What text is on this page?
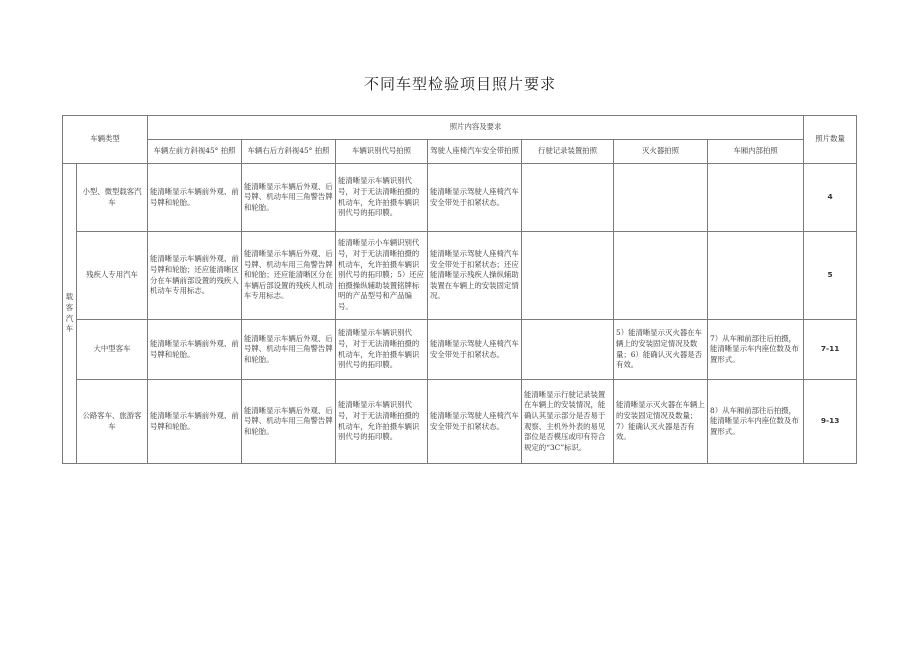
不同车型检验项目照片要求
车辆类型		照片内容及要求							照片数量
		车辆左前方斜视45° 拍照	车辆右后方斜视45° 拍照	车辆识别代号拍照	驾驶人座椅汽车安全带拍照	行驶记录装置拍照	灭火器拍照	车厢内部拍照	

载客汽车	小型、微型载客汽车	能清晰显示车辆前外观、前号牌和轮胎。	能清晰显示车辆后外观、后号牌、机动车用三角警告牌和轮胎。	能清晰显示车辆识别代号，对于无法清晰拍摄的机动车，允许拍摄车辆识别代号的拓印膜。	能清晰显示驾驶人座椅汽车安全带处于扣紧状态。				4
	残疾人专用汽车	能清晰显示车辆前外观、前号牌和轮胎；还应能清晰区分在车辆前部设置的残疾人机动车专用标志。	能清晰显示车辆后外观、后号牌、机动车用三角警告牌和轮胎；还应能清晰区分在车辆后部设置的残疾人机动车专用标志。	能清晰显示小车辆识别代号，对于无法清晰拍摄的机动车，允许拍摄车辆识别代号的拓印膜；5）还应拍摄操纵辅助装置铭牌标明的产品型号和产品编号。	能清晰显示驾驶人座椅汽车安全带处于扣紧状态；还应能清晰显示残疾人操纵辅助装置在车辆上的安装固定情况。				5
	大中型客车	能清晰显示车辆前外观、前号牌和轮胎。	能清晰显示车辆后外观、后号牌、机动车用三角警告牌和轮胎。	能清晰显示车辆识别代号，对于无法清晰拍摄的机动车，允许拍摄车辆识别代号的拓印膜。	能清晰显示驾驶人座椅汽车安全带处于扣紧状态。		5）能清晰显示灭火器在车辆上的安装固定情况及数量；6）能确认灭火器是否有效。	7）从车厢前部往后拍摄，能清晰显示车内座位数及布置形式。	7-11
	公路客车、旅游客车	能清晰显示车辆前外观、前号牌和轮胎。	能清晰显示车辆后外观、后号牌、机动车用三角警告牌和轮胎。	能清晰显示车辆识别代号，对于无法清晰拍摄的机动车，允许拍摄车辆识别代号的拓印膜。	能清晰显示驾驶人座椅汽车安全带处于扣紧状态。	能清晰显示行驶记录装置在车辆上的安装情况，能确认其显示部分是否易于观察、主机外外表的易见部位是否模压或印有符合规定的“3C”标识。	能清晰显示灭火器在车辆上的安装固定情况及数量；7）能确认灭火器是否有效。	8）从车厢前部往后拍摄，能清晰显示车内座位数及布置形式。	9-13
